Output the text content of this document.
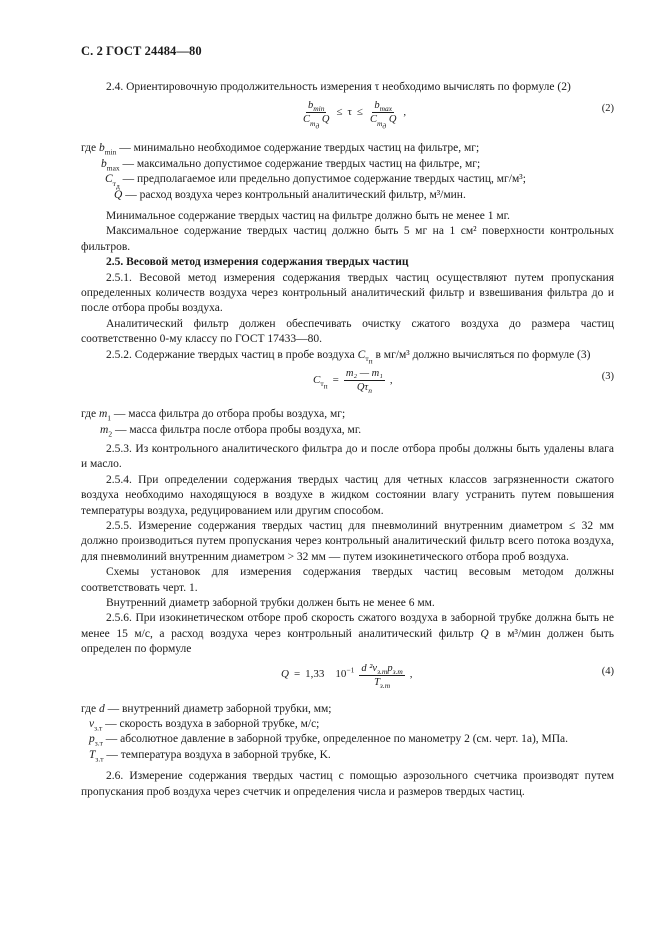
С. 2 ГОСТ 24484—80

2.4. Ориентировочную продолжительность измерения τ необходимо вычислять по формуле (2)

$\frac{b_{min}}{C_{т_д} Q} \le \tau \le \frac{b_{max}}{C_{т_д} Q}$ ,	(2)
где $b_{min}$ — минимально необходимое содержание твердых частиц на фильтре, мг;
$b_{max}$ — максимально допустимое содержание твердых частиц на фильтре, мг;
$C_{т_д}$ — предполагаемое или предельно допустимое содержание твердых частиц, мг/м³;
Q — расход воздуха через контрольный аналитический фильтр, м³/мин.

Минимальное содержание твердых частиц на фильтре должно быть не менее 1 мг.

Максимальное содержание твердых частиц должно быть 5 мг на 1 см² поверхности контрольных фильтров.

2.5. Весовой метод измерения содержания твердых частиц

2.5.1. Весовой метод измерения содержания твердых частиц осуществляют путем пропускания определенных количеств воздуха через контрольный аналитический фильтр и взвешивания фильтра до и после отбора пробы воздуха.

Аналитический фильтр должен обеспечивать очистку сжатого воздуха до размера частиц соответственно 0-му классу по ГОСТ 17433—80.

2.5.2. Содержание твердых частиц в пробе воздуха $C_{т_п}$ в мг/м³ должно вычисляться по формуле (3)

$C_{т_п}$
= $\frac{\text{m₂ — m₁}}{Q\tau_п}$ ,	(3)
где $m_1$ — масса фильтра до отбора пробы воздуха, мг;
$m_2$ — масса фильтра после отбора пробы воздуха, мг.

2.5.3. Из контрольного аналитического фильтра до и после отбора пробы должны быть удалены влага и масло.

2.5.4. При определении содержания твердых частиц для четных классов загрязненности сжатого воздуха необходимо находящуюся в воздухе в жидком состоянии влагу устранить путем повышения температуры воздуха, редуцированием или другим способом.

2.5.5. Измерение содержания твердых частиц для пневмолиний внутренним диаметром ≤ 32 мм должно производиться путем пропускания через контрольный аналитический фильтр всего потока воздуха, для пневмолиний внутренним диаметром > 32 мм — путем изокинетического отбора проб воздуха.

Схемы установок для измерения содержания твердых частиц весовым методом должны соответствовать черт. 1.

Внутренний диаметр заборной трубки должен быть не менее 6 мм.

2.5.6. При изокинетическом отборе проб скорость сжатого воздуха в заборной трубке должна быть не менее 15 м/с, а расход воздуха через контрольный аналитический фильтр Q в м³/мин должен быть определен по формуле

Q = 1,33 $10^{-1} \frac{d ^2v_{з.т}p_{з.т}}{T_{з.т}}$ ,	(4)
где d — внутренний диаметр заборной трубки, мм;
$v_{з.т}$ — скорость воздуха в заборной трубке, м/с;
$p_{з.т}$ — абсолютное давление в заборной трубке, определенное по манометру 2 (см. черт. 1а), МПа.
$T_{з.т}$ — температура воздуха в заборной трубке, K.

2.6. Измерение содержания твердых частиц с помощью аэрозольного счетчика производят путем пропускания проб воздуха через счетчик и определения числа и размеров твердых частиц.
